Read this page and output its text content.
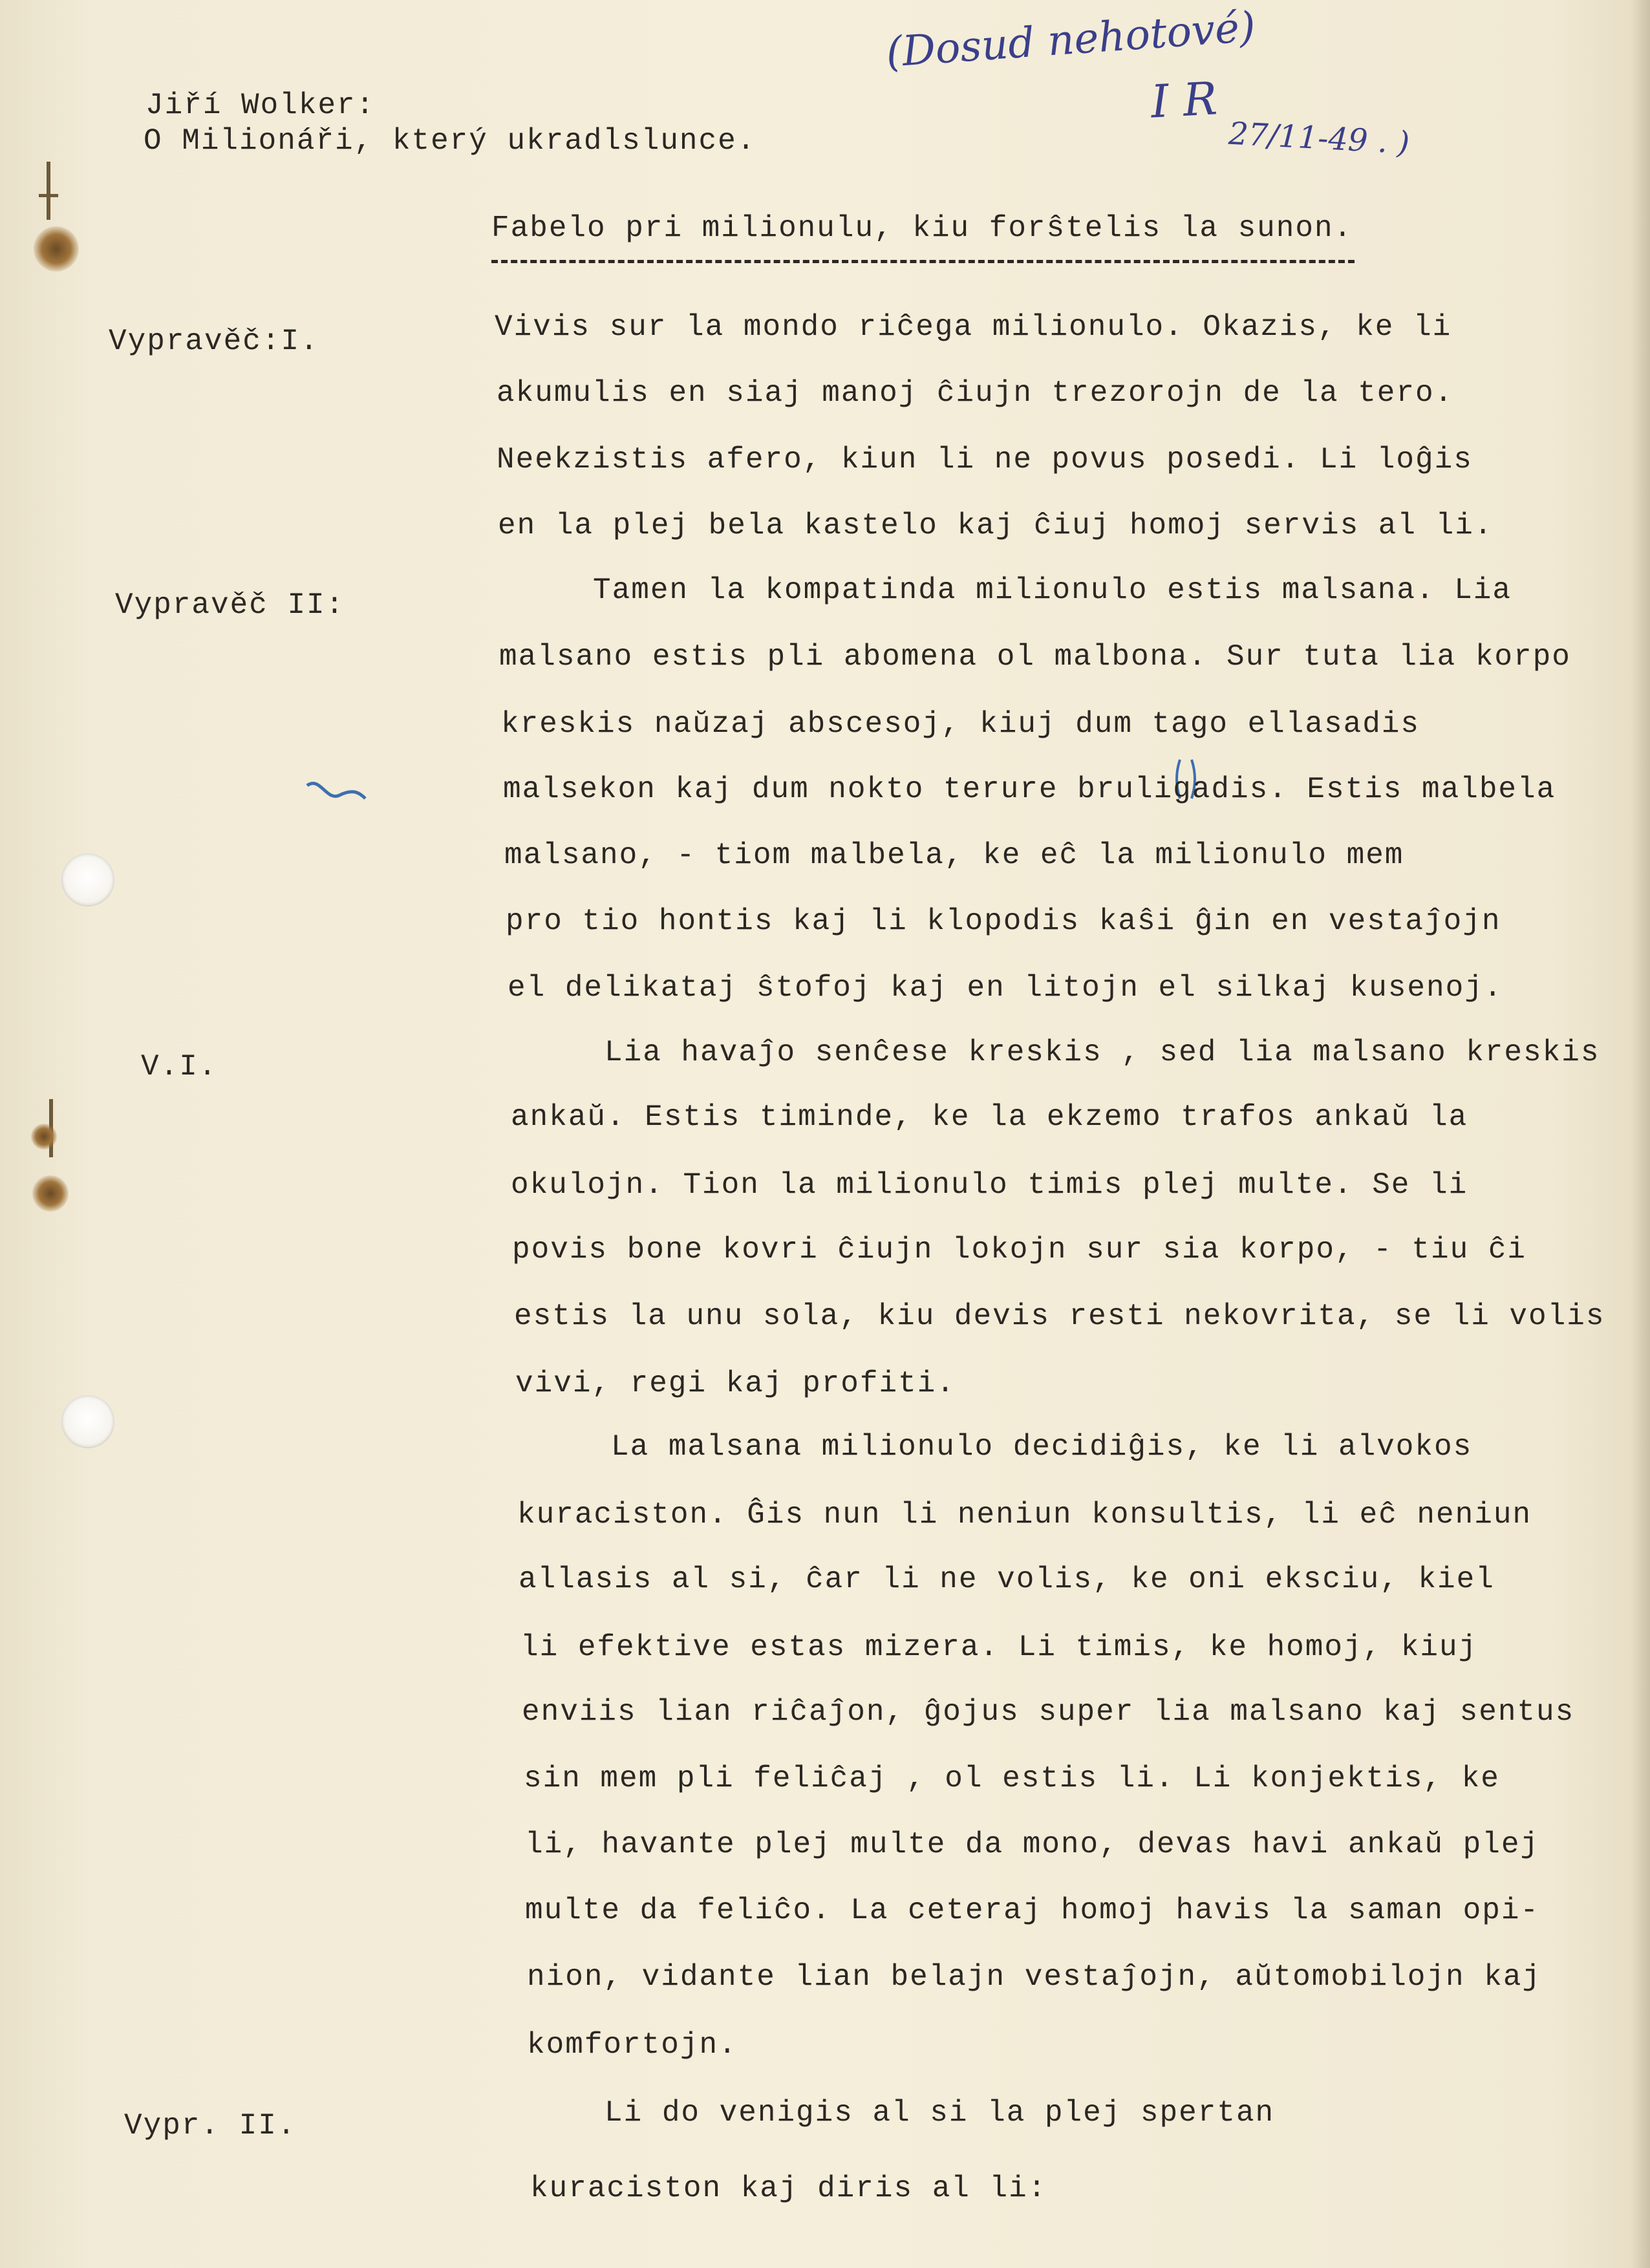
(Dosud nehotové)
I R
27/11-49 . )
Jiří Wolker:
O Milionáři, který ukradlslunce.
Fabelo pri milionulu, kiu forŝtelis la sunon.
Vypravěč:I.
Vypravěč II:
V.I.
Vypr. II.
Vivis sur la mondo riĉega milionulo. Okazis, ke li
akumulis en siaj manoj ĉiujn trezorojn de la tero.
Neekzistis afero, kiun li ne povus posedi. Li loĝis
en la plej bela kastelo kaj ĉiuj homoj servis al li.
Tamen la kompatinda milionulo estis malsana. Lia
malsano estis pli abomena ol malbona. Sur tuta lia korpo
kreskis naŭzaj abscesoj, kiuj dum tago ellasadis
malsekon kaj dum nokto terure bruligadis. Estis malbela
malsano, - tiom malbela, ke eĉ la milionulo mem
pro tio hontis kaj li klopodis kaŝi ĝin en vestaĵojn
el delikataj ŝtofoj kaj en litojn el silkaj kusenoj.
Lia havaĵo senĉese kreskis , sed lia malsano kreskis
ankaŭ. Estis timinde, ke la ekzemo trafos ankaŭ la
okulojn. Tion la milionulo timis plej multe. Se li
povis bone kovri ĉiujn lokojn sur sia korpo, - tiu ĉi
estis la unu sola, kiu devis resti nekovrita, se li volis
vivi, regi kaj profiti.
La malsana milionulo decidiĝis, ke li alvokos
kuraciston. Ĝis nun li neniun konsultis, li eĉ neniun
allasis al si, ĉar li ne volis, ke oni eksciu, kiel
li efektive estas mizera. Li timis, ke homoj, kiuj
enviis lian riĉaĵon, ĝojus super lia malsano kaj sentus
sin mem pli feliĉaj , ol estis li. Li konjektis, ke
li, havante plej multe da mono, devas havi ankaŭ plej
multe da feliĉo. La ceteraj homoj havis la saman opi-
nion, vidante lian belajn vestaĵojn, aŭtomobilojn kaj
komfortojn.
Li do venigis al si la plej spertan
kuraciston kaj diris al li:
